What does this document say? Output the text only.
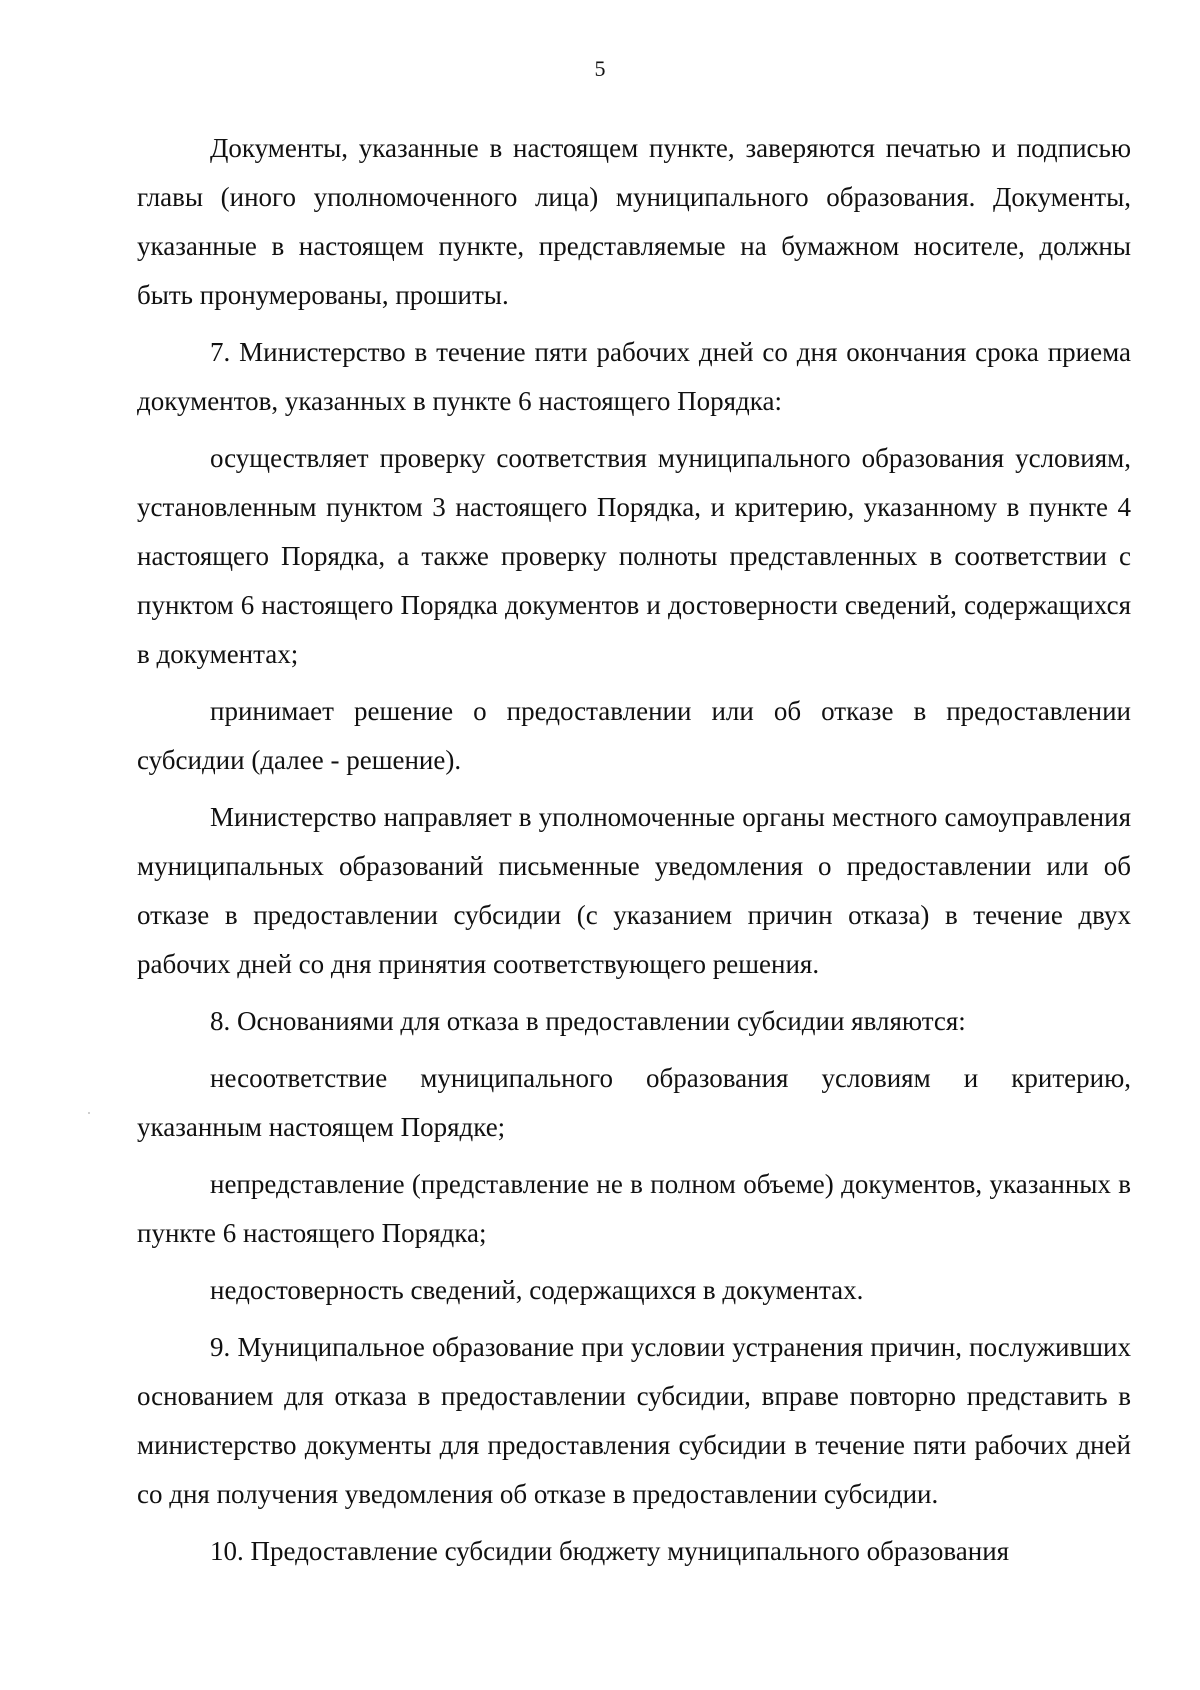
5

Документы, указанные в настоящем пункте, заверяются печатью и подписью главы (иного уполномоченного лица) муниципального образования. Документы, указанные в настоящем пункте, представляемые на бумажном носителе, должны быть пронумерованы, прошиты.

7. Министерство в течение пяти рабочих дней со дня окончания срока приема документов, указанных в пункте 6 настоящего Порядка:

осуществляет проверку соответствия муниципального образования условиям, установленным пунктом 3 настоящего Порядка, и критерию, указанному в пункте 4 настоящего Порядка, а также проверку полноты представленных в соответствии с пунктом 6 настоящего Порядка документов и достоверности сведений, содержащихся в документах;

принимает решение о предоставлении или об отказе в предоставлении субсидии (далее - решение).

Министерство направляет в уполномоченные органы местного самоуправления муниципальных образований письменные уведомления о предоставлении или об отказе в предоставлении субсидии (с указанием причин отказа) в течение двух рабочих дней со дня принятия соответствующего решения.

8. Основаниями для отказа в предоставлении субсидии являются:

несоответствие муниципального образования условиям и критерию, указанным настоящем Порядке;

непредставление (представление не в полном объеме) документов, указанных в пункте 6 настоящего Порядка;

недостоверность сведений, содержащихся в документах.

9. Муниципальное образование при условии устранения причин, послуживших основанием для отказа в предоставлении субсидии, вправе повторно представить в министерство документы для предоставления субсидии в течение пяти рабочих дней со дня получения уведомления об отказе в предоставлении субсидии.

10. Предоставление субсидии бюджету муниципального образования
